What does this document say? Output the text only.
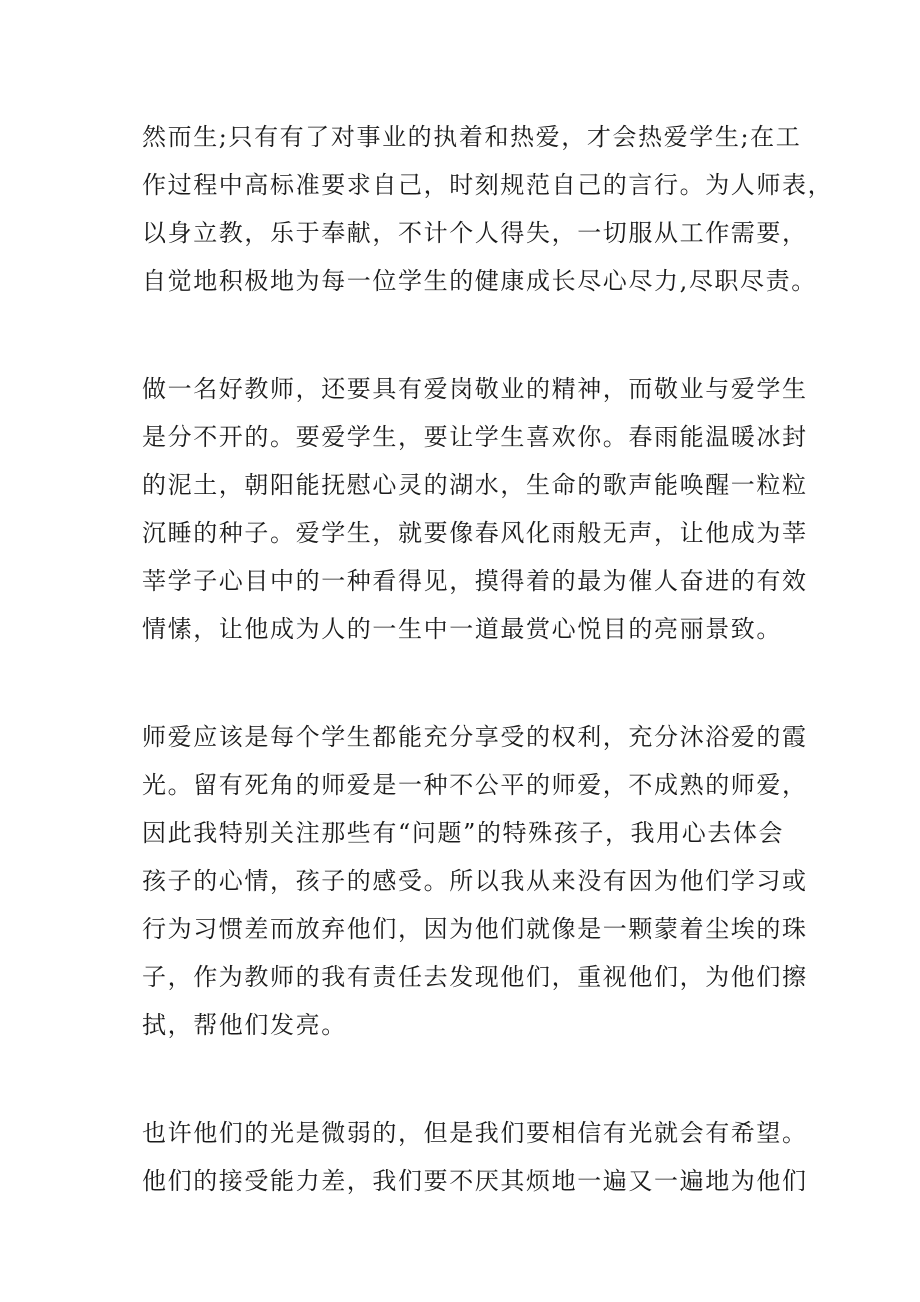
然而生;只有有了对事业的执着和热爱，才会热爱学生;在工
作过程中高标准要求自己，时刻规范自己的言行。为人师表，
以身立教，乐于奉献，不计个人得失，一切服从工作需要，
自觉地积极地为每一位学生的健康成长尽心尽力,尽职尽责。
做一名好教师，还要具有爱岗敬业的精神，而敬业与爱学生
是分不开的。要爱学生，要让学生喜欢你。春雨能温暖冰封
的泥土，朝阳能抚慰心灵的湖水，生命的歌声能唤醒一粒粒
沉睡的种子。爱学生，就要像春风化雨般无声，让他成为莘
莘学子心目中的一种看得见，摸得着的最为催人奋进的有效
情愫，让他成为人的一生中一道最赏心悦目的亮丽景致。
师爱应该是每个学生都能充分享受的权利，充分沐浴爱的霞
光。留有死角的师爱是一种不公平的师爱，不成熟的师爱，
因此我特别关注那些有“问题”的特殊孩子，我用心去体会
孩子的心情，孩子的感受。所以我从来没有因为他们学习或
行为习惯差而放弃他们，因为他们就像是一颗蒙着尘埃的珠
子，作为教师的我有责任去发现他们，重视他们，为他们擦
拭，帮他们发亮。
也许他们的光是微弱的，但是我们要相信有光就会有希望。
他们的接受能力差，我们要不厌其烦地一遍又一遍地为他们
